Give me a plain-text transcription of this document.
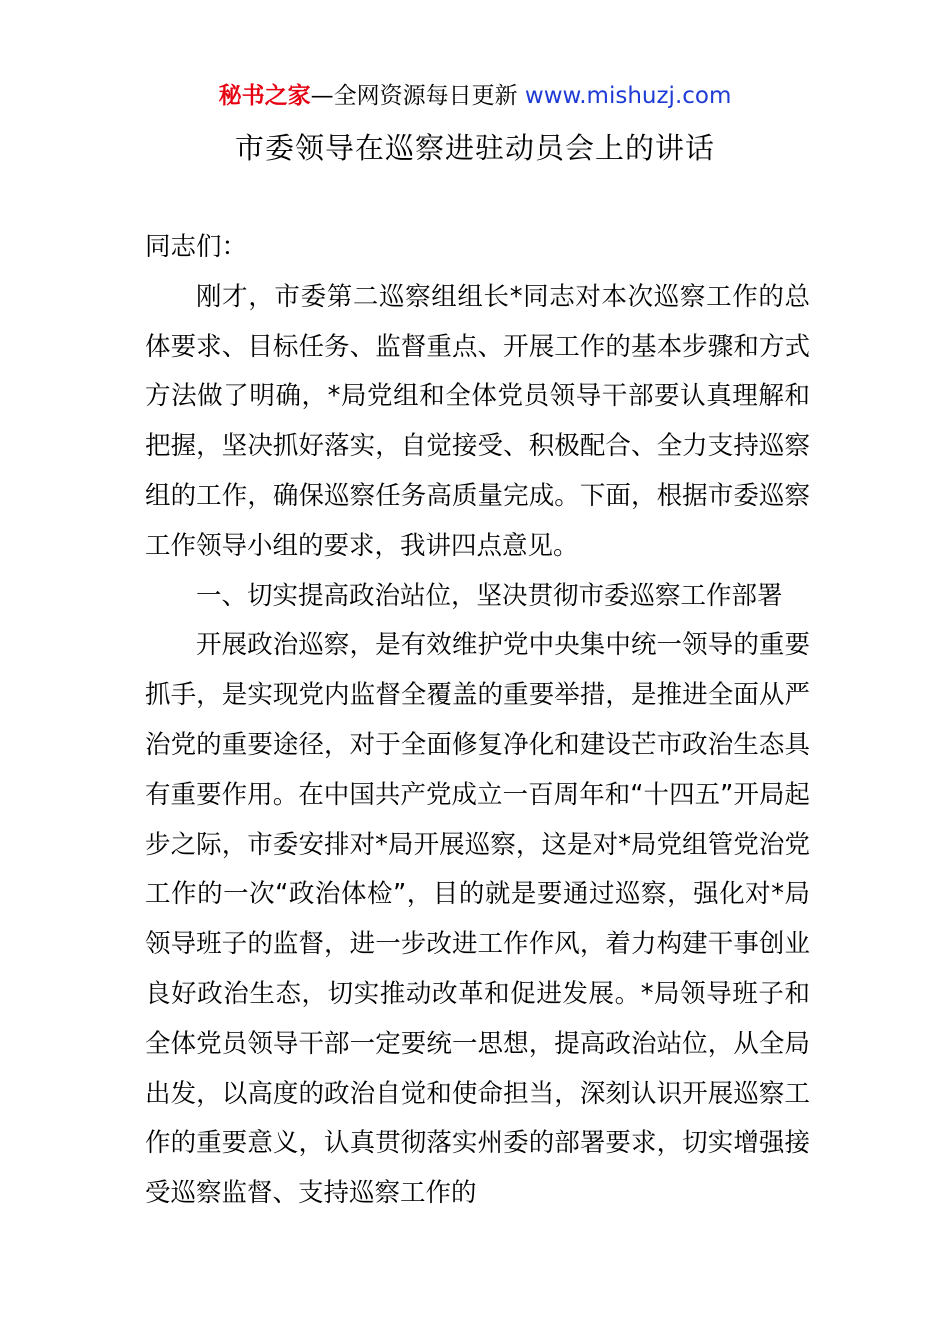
秘书之家—全网资源每日更新 www.mishuzj.com
市委领导在巡察进驻动员会上的讲话

同志们：

刚才，市委第二巡察组组长*同志对本次巡察工作的总体要求、目标任务、监督重点、开展工作的基本步骤和方式方法做了明确，*局党组和全体党员领导干部要认真理解和把握，坚决抓好落实，自觉接受、积极配合、全力支持巡察组的工作，确保巡察任务高质量完成。下面，根据市委巡察工作领导小组的要求，我讲四点意见。

一、切实提高政治站位，坚决贯彻市委巡察工作部署

开展政治巡察，是有效维护党中央集中统一领导的重要抓手，是实现党内监督全覆盖的重要举措，是推进全面从严治党的重要途径，对于全面修复净化和建设芒市政治生态具有重要作用。在中国共产党成立一百周年和“十四五”开局起步之际，市委安排对*局开展巡察，这是对*局党组管党治党工作的一次“政治体检”，目的就是要通过巡察，强化对*局领导班子的监督，进一步改进工作作风，着力构建干事创业良好政治生态，切实推动改革和促进发展。*局领导班子和全体党员领导干部一定要统一思想，提高政治站位，从全局出发，以高度的政治自觉和使命担当，深刻认识开展巡察工作的重要意义，认真贯彻落实州委的部署要求，切实增强接受巡察监督、支持巡察工作的
